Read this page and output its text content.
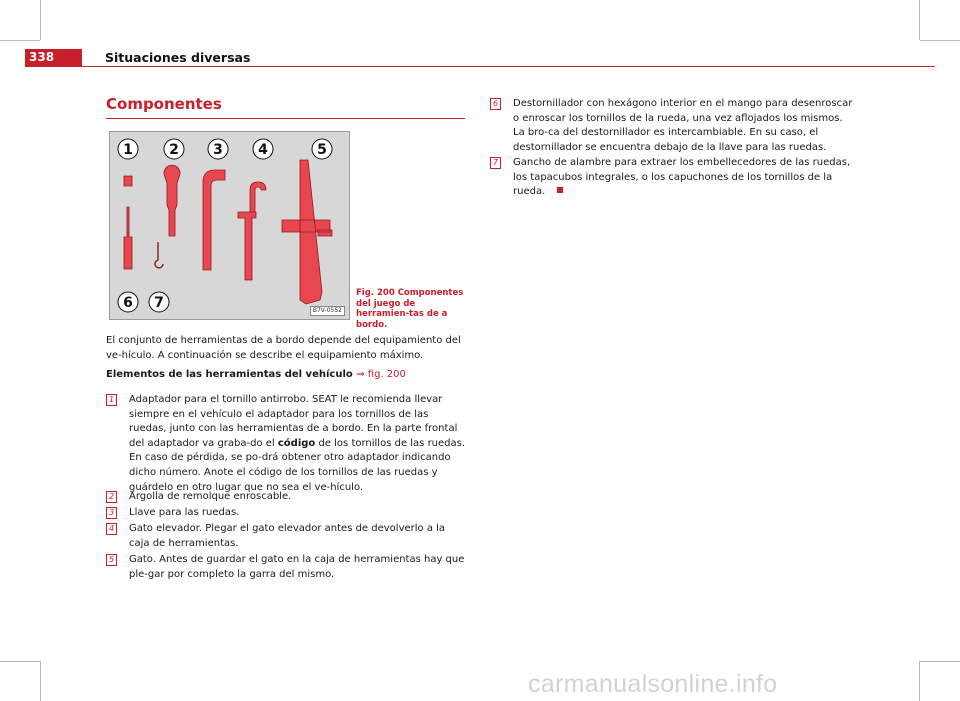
338	Situaciones diversas
Componentes
1	2 3	4	5
6 7	B7V-0552
Fig. 200 Componentes del juego de herramien-tas de a bordo.
El conjunto de herramientas de a bordo depende del equipamiento del ve-hículo. A continuación se describe el equipamiento máximo.
Elementos de las herramientas del vehículo ⇒ fig. 200
1	Adaptador para el tornillo antirrobo. SEAT le recomienda llevar siempre en el vehículo el adaptador para los tornillos de las ruedas, junto con las herramientas de a bordo. En la parte frontal del adaptador va graba-do el código de los tornillos de las ruedas. En caso de pérdida, se po-drá obtener otro adaptador indicando dicho número. Anote el código de los tornillos de las ruedas y guárdelo en otro lugar que no sea el ve-hículo.
2	Argolla de remolque enroscable.
3	Llave para las ruedas.
4	Gato elevador. Plegar el gato elevador antes de devolverlo a la caja de herramientas.
5	Gato. Antes de guardar el gato en la caja de herramientas hay que ple-gar por completo la garra del mismo.
6	Destornillador con hexágono interior en el mango para desenroscar o enroscar los tornillos de la rueda, una vez aflojados los mismos. La bro-ca del destornillador es intercambiable. En su caso, el destornillador se encuentra debajo de la llave para las ruedas.
7	Gancho de alambre para extraer los embellecedores de las ruedas, los tapacubos integrales, o los capuchones de los tornillos de la rueda.
carmanualsonline.info
